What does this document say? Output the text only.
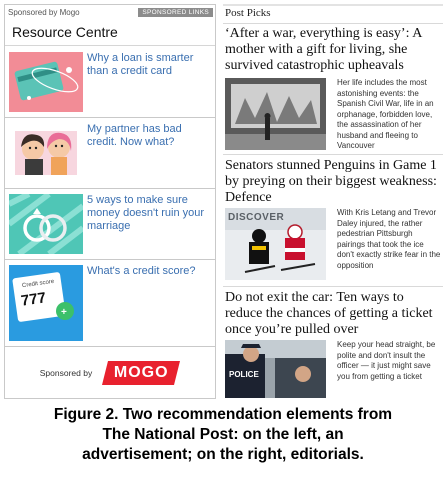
Sponsored by Mogo	SPONSORED LINKS
Resource Centre
Why a loan is smarter than a credit card
My partner has bad credit. Now what?
5 ways to make sure money doesn't ruin your marriage
+
Credit score
777
What's a credit score?
Sponsored by	MOGO
Post Picks
‘After a war, everything is easy’: A mother with a gift for living, she survived catastrophic upheavals
Her life includes the most astonishing events: the Spanish Civil War, life in an orphanage, forbidden love, the assassination of her husband and fleeing to Vancouver
Senators stunned Penguins in Game 1 by preying on their biggest weakness: Defence
DISCOVER	With Kris Letang and Trevor Daley injured, the rather pedestrian Pittsburgh pairings that took the ice don't exactly strike fear in the opposition
Do not exit the car: Ten ways to reduce the chances of getting a ticket once you’re pulled over
POLICE
Keep your head straight, be polite and don't insult the officer — it just might save you from getting a ticket
Figure 2. Two recommendation elements from
The National Post: on the left, an
advertisement; on the right, editorials.
